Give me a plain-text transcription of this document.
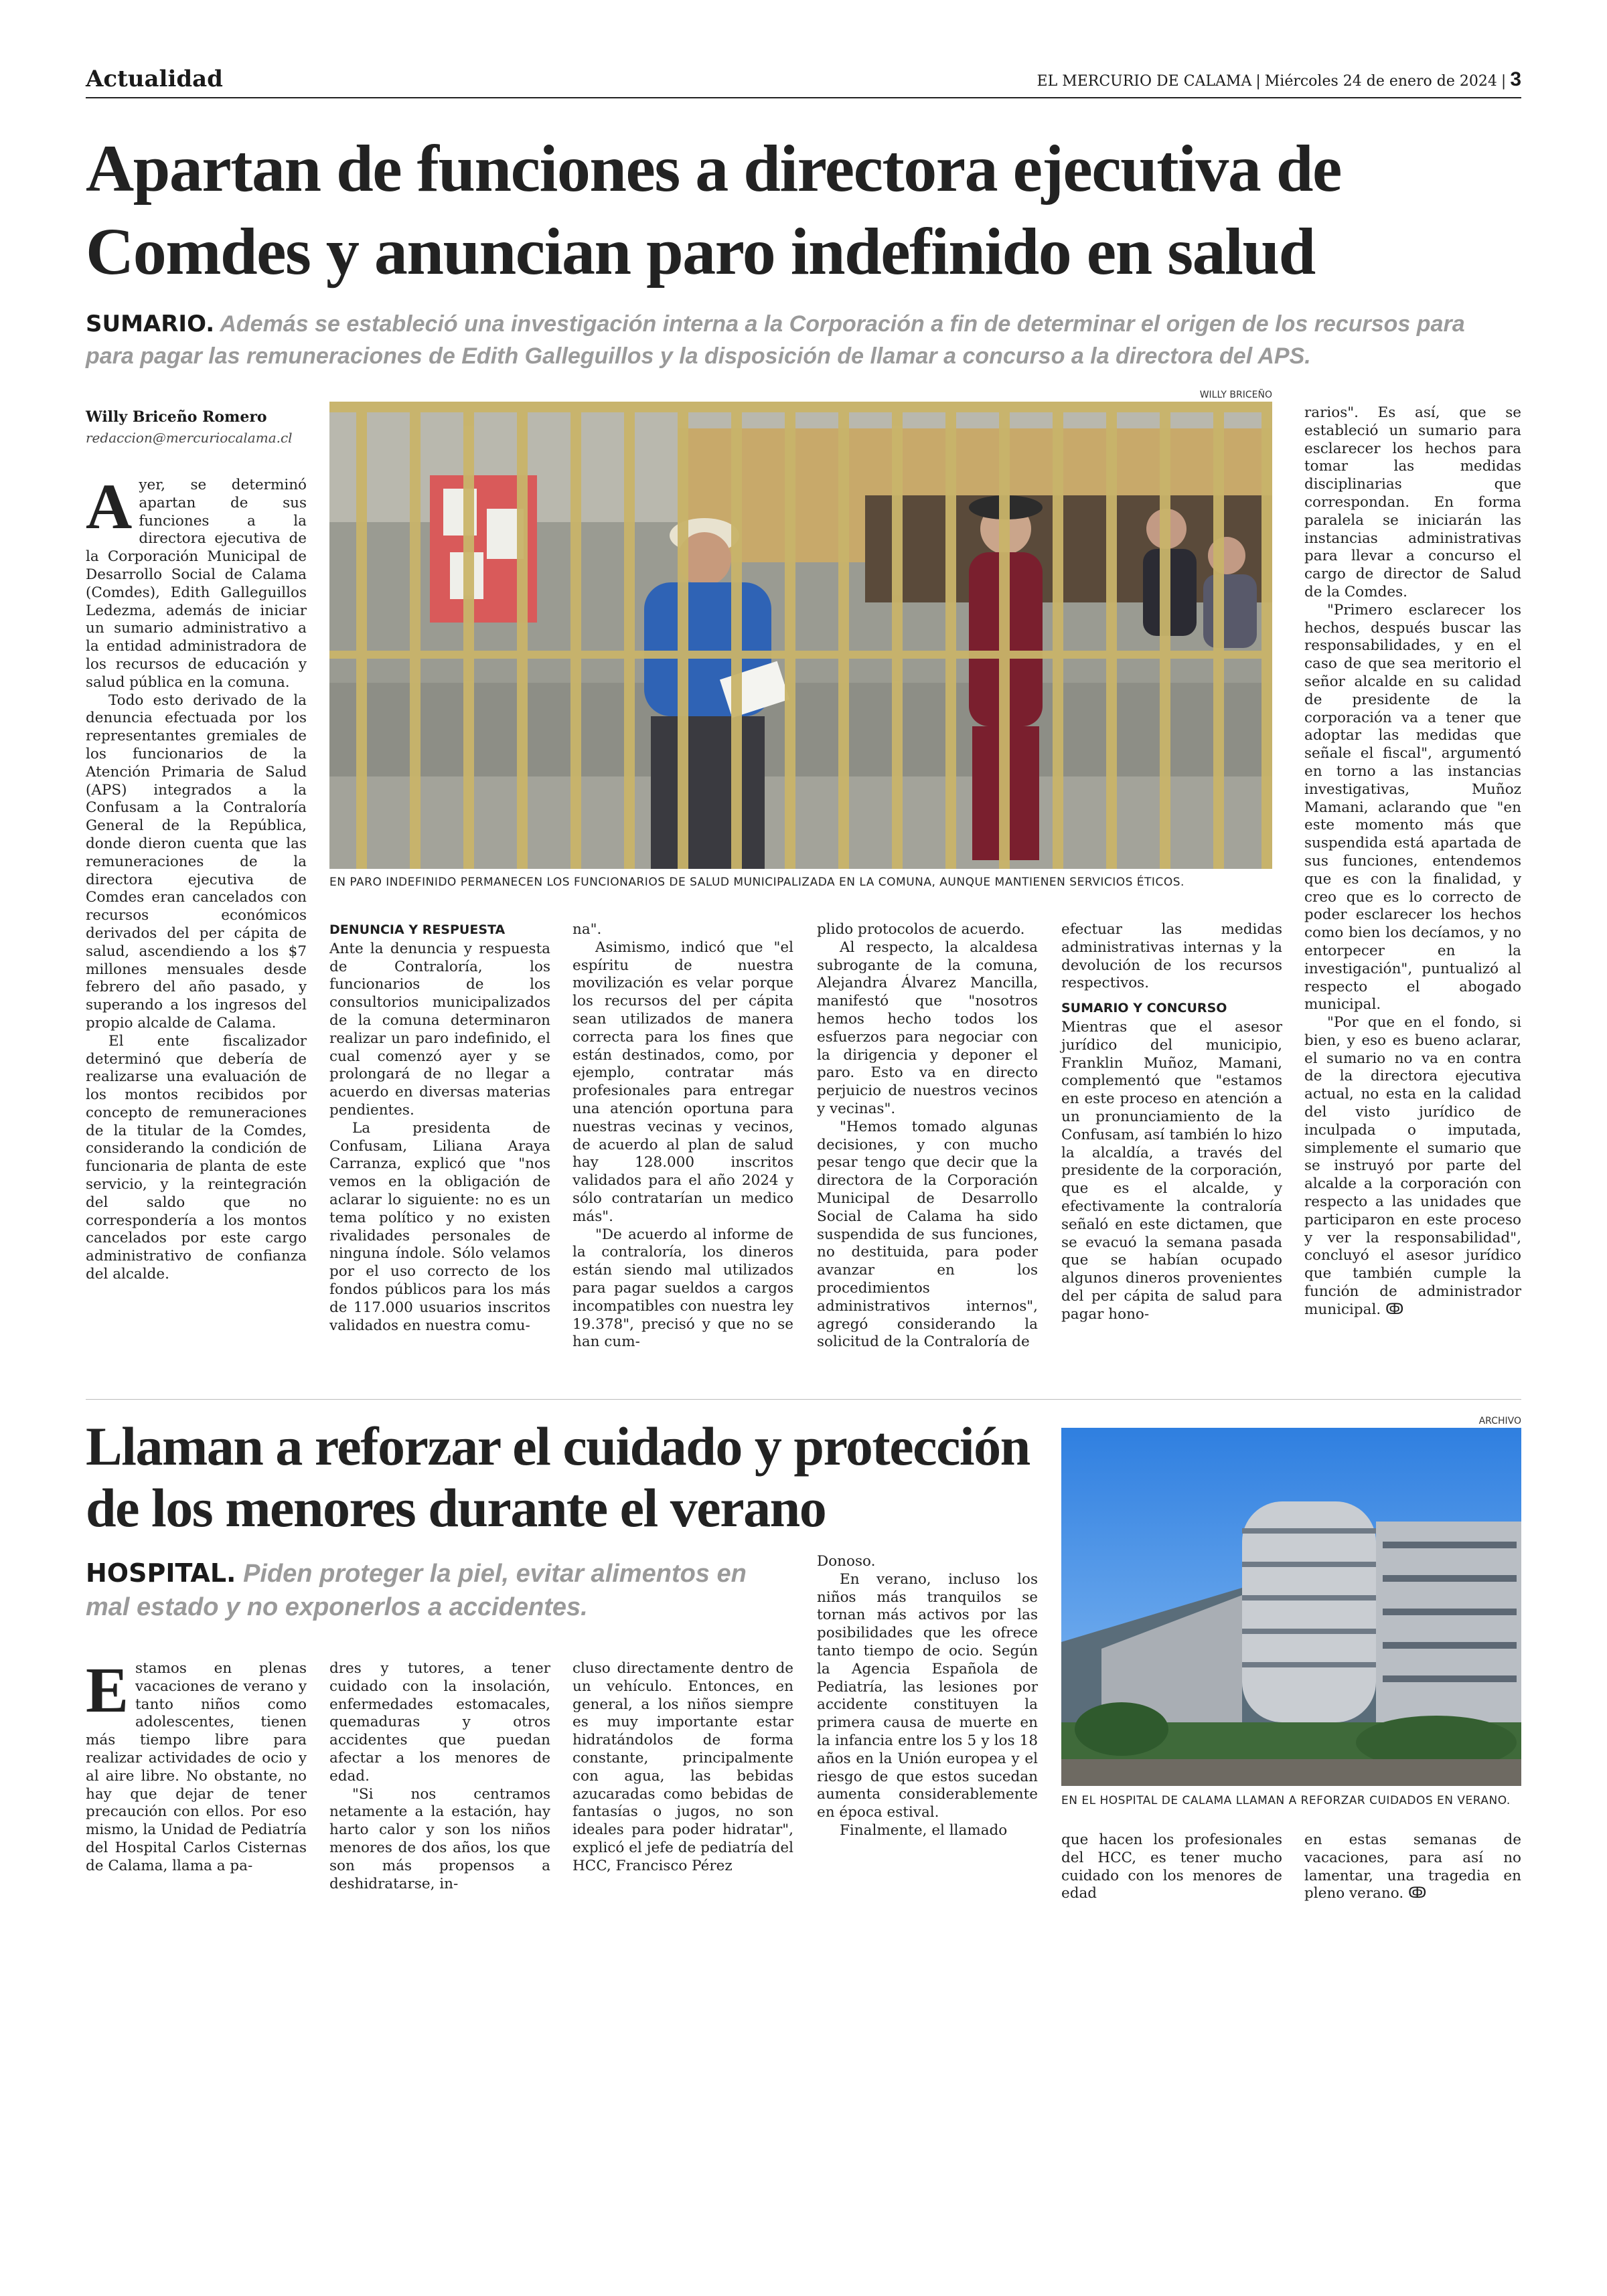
Actualidad	EL MERCURIO DE CALAMA | Miércoles 24 de enero de 2024 | 3
Apartan de funciones a directora ejecutiva de Comdes y anuncian paro indefinido en salud
SUMARIO. Además se estableció una investigación interna a la Corporación a fin de determinar el origen de los recursos para para pagar las remuneraciones de Edith Galleguillos y la disposición de llamar a concurso a la directora del APS.
Willy Briceño Romero
redaccion@mercuriocalama.cl
WILLY BRICEÑO
EN PARO INDEFINIDO PERMANECEN LOS FUNCIONARIOS DE SALUD MUNICIPALIZADA EN LA COMUNA, AUNQUE MANTIENEN SERVICIOS ÉTICOS.

Ayer, se determinó apartan de sus funciones a la directora ejecutiva de la Corporación Municipal de Desarrollo Social de Calama (Comdes), Edith Galleguillos Ledezma, además de iniciar un sumario administrativo a la entidad administradora de los recursos de educación y salud pública en la comuna.

Todo esto derivado de la denuncia efectuada por los representantes gremiales de los funcionarios de la Atención Primaria de Salud (APS) integrados a la Confusam a la Contraloría General de la República, donde dieron cuenta que las remuneraciones de la directora ejecutiva de Comdes eran cancelados con recursos económicos derivados del per cápita de salud, ascendiendo a los $7 millones mensuales desde febrero del año pasado, y superando a los ingresos del propio alcalde de Calama.

El ente fiscalizador determinó que debería de realizarse una evaluación de los montos recibidos por concepto de remuneraciones de la titular de la Comdes, considerando la condición de funcionaria de planta de este servicio, y la reintegración del saldo que no correspondería a los montos cancelados por este cargo administrativo de confianza del alcalde.

DENUNCIA Y RESPUESTA

Ante la denuncia y respuesta de Contraloría, los funcionarios de los consultorios municipalizados de la comuna determinaron realizar un paro indefinido, el cual comenzó ayer y se prolongará de no llegar a acuerdo en diversas materias pendientes.

La presidenta de Confusam, Liliana Araya Carranza, explicó que "nos vemos en la obligación de aclarar lo siguiente: no es un tema político y no existen rivalidades personales de ninguna índole. Sólo velamos por el uso correcto de los fondos públicos para los más de 117.000 usuarios inscritos validados en nuestra comu-

na".

Asimismo, indicó que "el espíritu de nuestra movilización es velar porque los recursos del per cápita sean utilizados de manera correcta para los fines que están destinados, como, por ejemplo, contratar más profesionales para entregar una atención oportuna para nuestras vecinas y vecinos, de acuerdo al plan de salud hay 128.000 inscritos validados para el año 2024 y sólo contratarían un medico más".

"De acuerdo al informe de la contraloría, los dineros están siendo mal utilizados para pagar sueldos a cargos incompatibles con nuestra ley 19.378", precisó y que no se han cum-

plido protocolos de acuerdo.

Al respecto, la alcaldesa subrogante de la comuna, Alejandra Álvarez Mancilla, manifestó que "nosotros hemos hecho todos los esfuerzos para negociar con la dirigencia y deponer el paro. Esto va en directo perjuicio de nuestros vecinos y vecinas".

"Hemos tomado algunas decisiones, y con mucho pesar tengo que decir que la directora de la Corporación Municipal de Desarrollo Social de Calama ha sido suspendida de sus funciones, no destituida, para poder avanzar en los procedimientos administrativos internos", agregó considerando la solicitud de la Contraloría de

efectuar las medidas administrativas internas y la devolución de los recursos respectivos.

SUMARIO Y CONCURSO

Mientras que el asesor jurídico del municipio, Franklin Muñoz, Mamani, complementó que "estamos en este proceso en atención a un pronunciamiento de la Confusam, así también lo hizo la alcaldía, a través del presidente de la corporación, que es el alcalde, y efectivamente la contraloría señaló en este dictamen, que se evacuó la semana pasada que se habían ocupado algunos dineros provenientes del per cápita de salud para pagar hono-

rarios". Es así, que se estableció un sumario para esclarecer los hechos para tomar las medidas disciplinarias que correspondan. En forma paralela se iniciarán las instancias administrativas para llevar a concurso el cargo de director de Salud de la Comdes.

"Primero esclarecer los hechos, después buscar las responsabilidades, y en el caso de que sea meritorio el señor alcalde en su calidad de presidente de la corporación va a tener que adoptar las medidas que señale el fiscal", argumentó en torno a las instancias investigativas, Muñoz Mamani, aclarando que "en este momento más que suspendida está apartada de sus funciones, entendemos que es con la finalidad, y creo que es lo correcto de poder esclarecer los hechos como bien los decíamos, y no entorpecer en la investigación", puntualizó al respecto el abogado municipal.

"Por que en el fondo, si bien, y eso es bueno aclarar, el sumario no va en contra de la directora ejecutiva actual, no esta en la calidad del visto jurídico de inculpada o imputada, simplemente el sumario que se instruyó por parte del alcalde a la corporación con respecto a las unidades que participaron en este proceso y ver la responsabilidad", concluyó el asesor jurídico que también cumple la función de administrador municipal. ↂ

Llaman a reforzar el cuidado y protección de los menores durante el verano
HOSPITAL. Piden proteger la piel, evitar alimentos en mal estado y no exponerlos a accidentes.
ARCHIVO
EN EL HOSPITAL DE CALAMA LLAMAN A REFORZAR CUIDADOS EN VERANO.

Estamos en plenas vacaciones de verano y tanto niños como adolescentes, tienen más tiempo libre para realizar actividades de ocio y al aire libre. No obstante, no hay que dejar de tener precaución con ellos. Por eso mismo, la Unidad de Pediatría del Hospital Carlos Cisternas de Calama, llama a pa-

dres y tutores, a tener cuidado con la insolación, enfermedades estomacales, quemaduras y otros accidentes que puedan afectar a los menores de edad.

"Si nos centramos netamente a la estación, hay harto calor y son los niños menores de dos años, los que son más propensos a deshidratarse, in-

cluso directamente dentro de un vehículo. Entonces, en general, a los niños siempre es muy importante estar hidratándolos de forma constante, principalmente con agua, las bebidas azucaradas como bebidas de fantasías o jugos, no son ideales para poder hidratar", explicó el jefe de pediatría del HCC, Francisco Pérez

Donoso.

En verano, incluso los niños más tranquilos se tornan más activos por las posibilidades que les ofrece tanto tiempo de ocio. Según la Agencia Española de Pediatría, las lesiones por accidente constituyen la primera causa de muerte en la infancia entre los 5 y los 18 años en la Unión europea y el riesgo de que estos sucedan aumenta considerablemente en época estival.

Finalmente, el llamado

que hacen los profesionales del HCC, es tener mucho cuidado con los menores de edad

en estas semanas de vacaciones, para así no lamentar, una tragedia en pleno verano. ↂ
